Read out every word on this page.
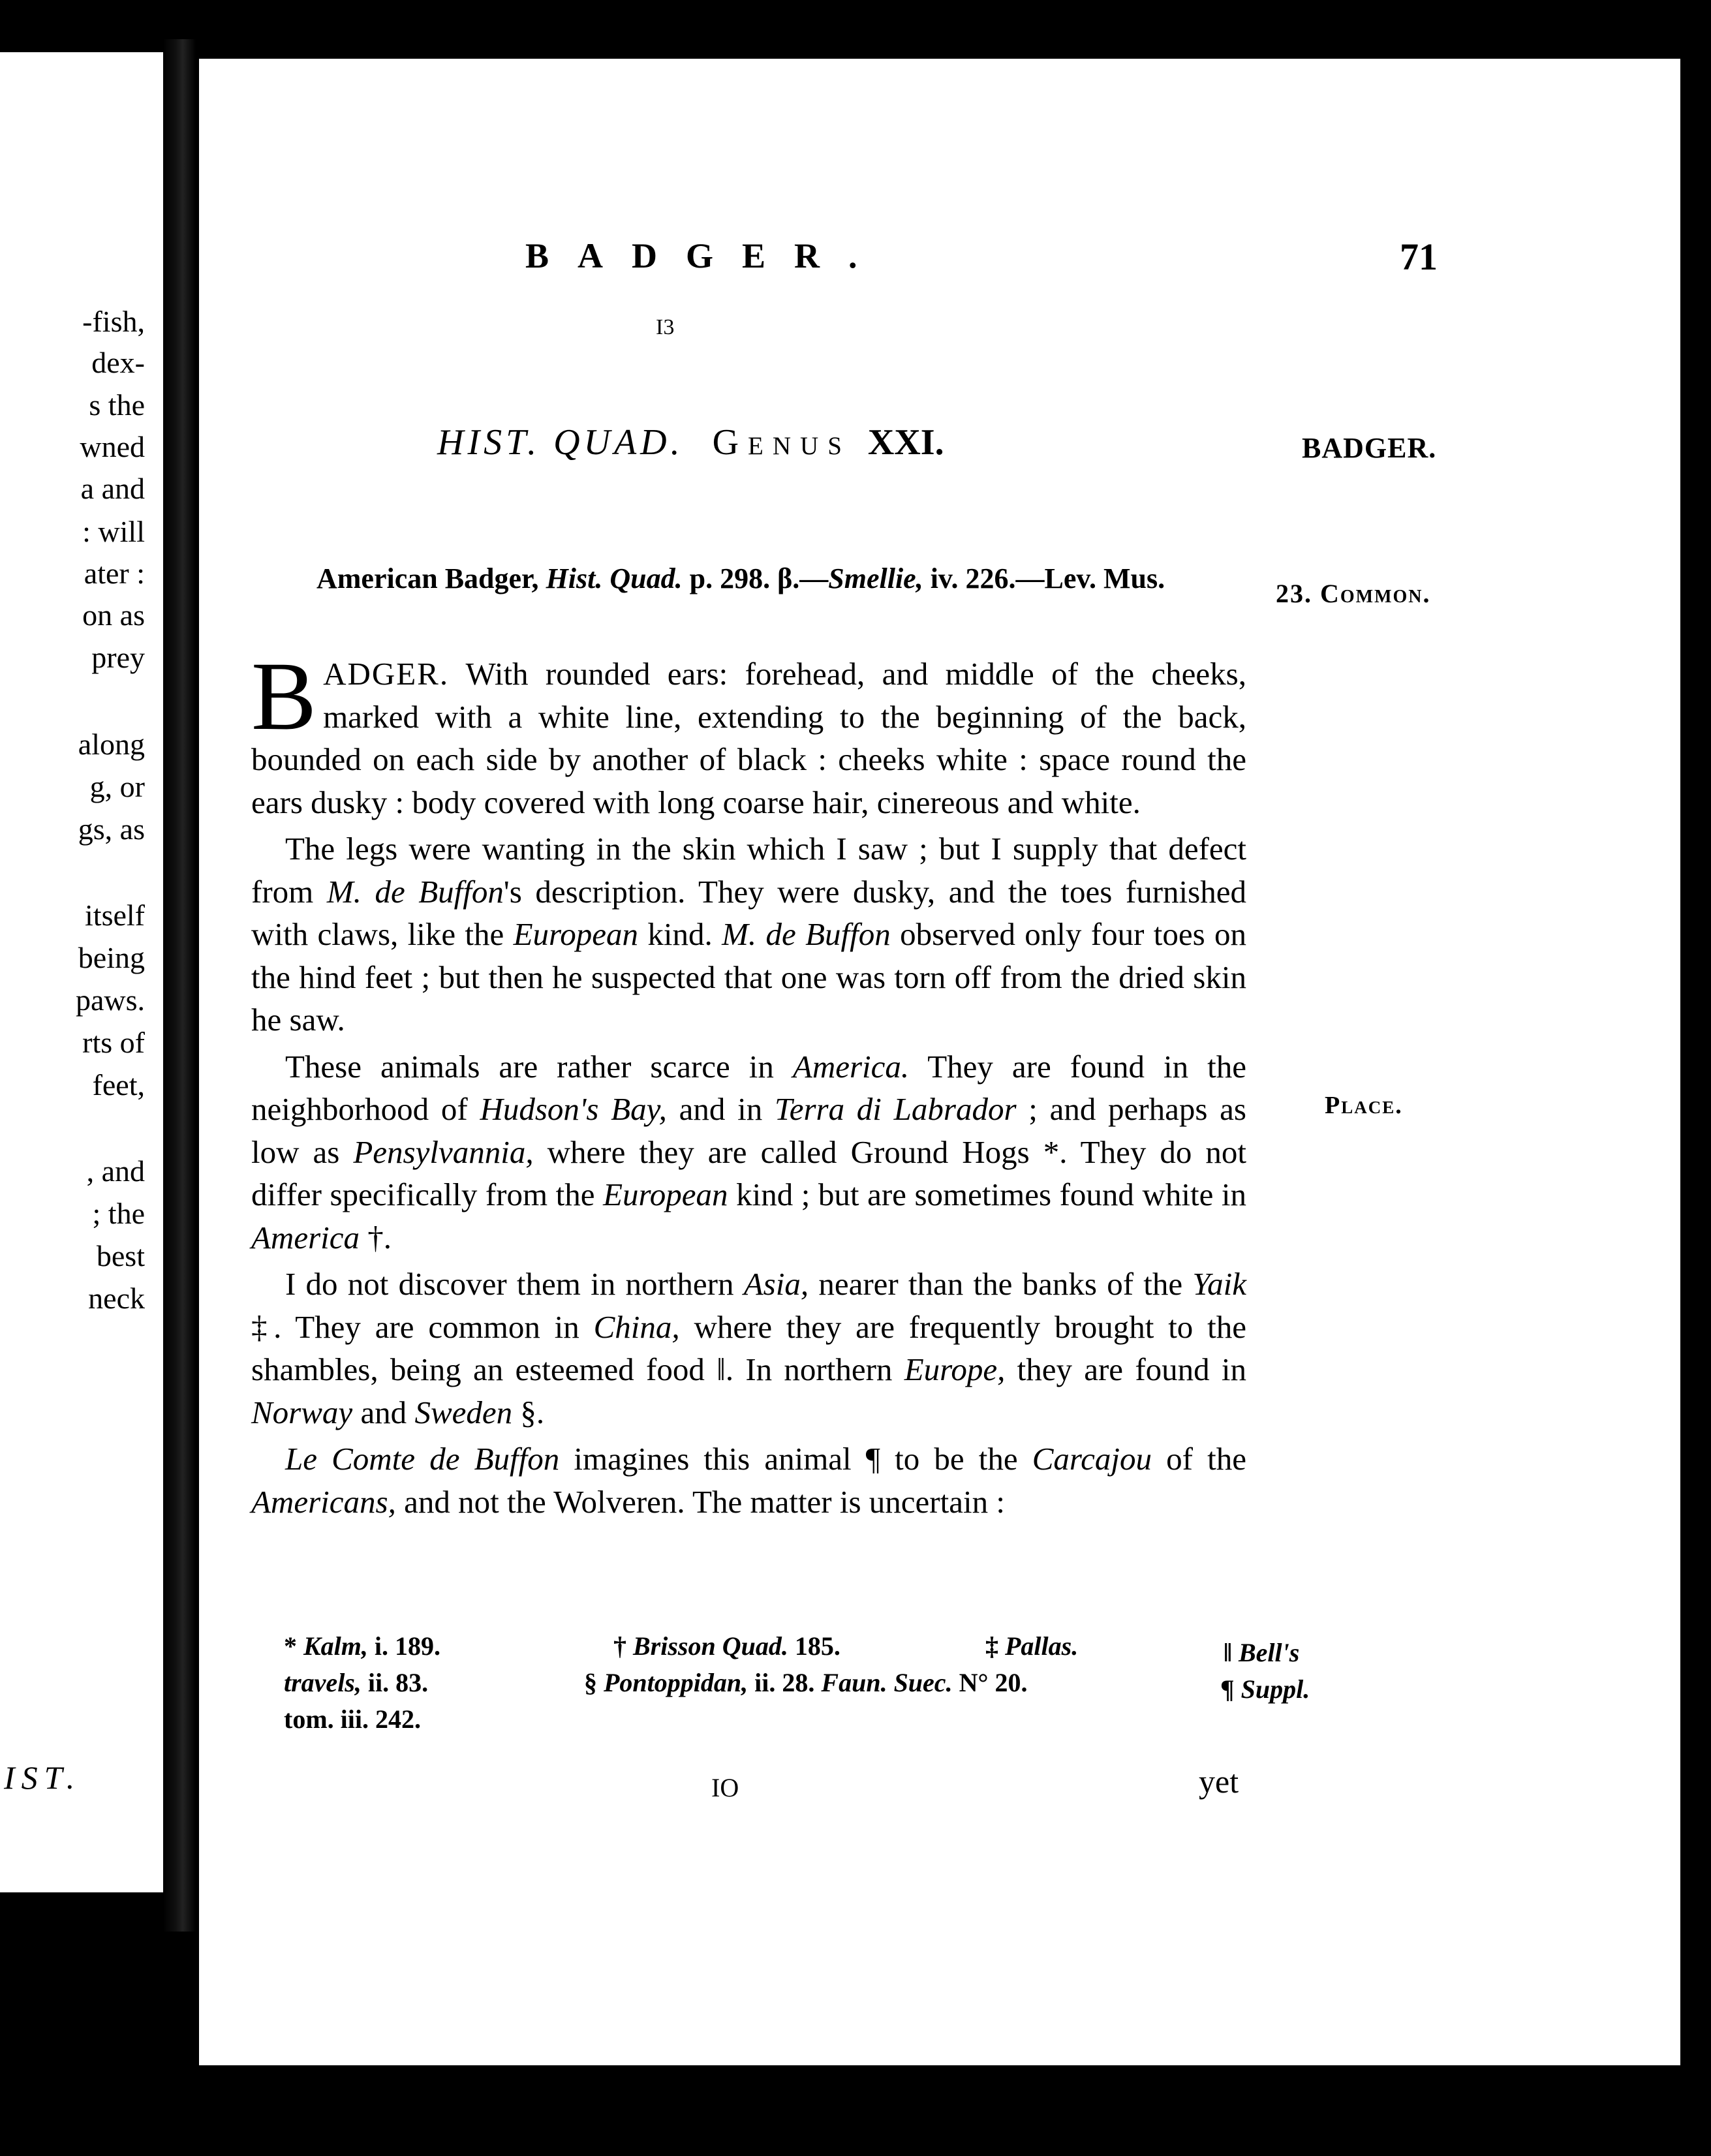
-fish,
dex-
s the
wned
a and
: will
ater :
on as
prey
along
g, or
gs, as
itself
being
paws.
rts of
feet,
, and
; the
best
neck
IST.
BADGER.	71
I3
HIST. QUAD. Genus XXI.	BADGER.
American Badger, Hist. Quad. p. 298. β.—Smellie, iv. 226.—Lev. Mus.	23. Common.
Place.

BADGER. With rounded ears: forehead, and middle of the cheeks, marked with a white line, extending to the beginning of the back, bounded on each side by another of black : cheeks white : space round the ears dusky : body covered with long coarse hair, cinereous and white.

The legs were wanting in the skin which I saw ; but I supply that defect from M. de Buffon's description. They were dusky, and the toes furnished with claws, like the European kind. M. de Buffon observed only four toes on the hind feet ; but then he suspected that one was torn off from the dried skin he saw.

These animals are rather scarce in America. They are found in the neighborhood of Hudson's Bay, and in Terra di Labrador ; and perhaps as low as Pensylvannia, where they are called Ground Hogs *. They do not differ specifically from the European kind ; but are sometimes found white in America †.

I do not discover them in northern Asia, nearer than the banks of the Yaik ‡. They are common in China, where they are frequently brought to the shambles, being an esteemed food ‖. In northern Europe, they are found in Norway and Sweden §.

Le Comte de Buffon imagines this animal ¶ to be the Carcajou of the Americans, and not the Wolveren. The matter is uncertain :

* Kalm, i. 189.	† Brisson Quad. 185.	‡ Pallas.	‖ Bell's
travels, ii. 83.	§ Pontoppidan, ii. 28. Faun. Suec. N° 20.	¶ Suppl.
tom. iii. 242.
IO	yet
